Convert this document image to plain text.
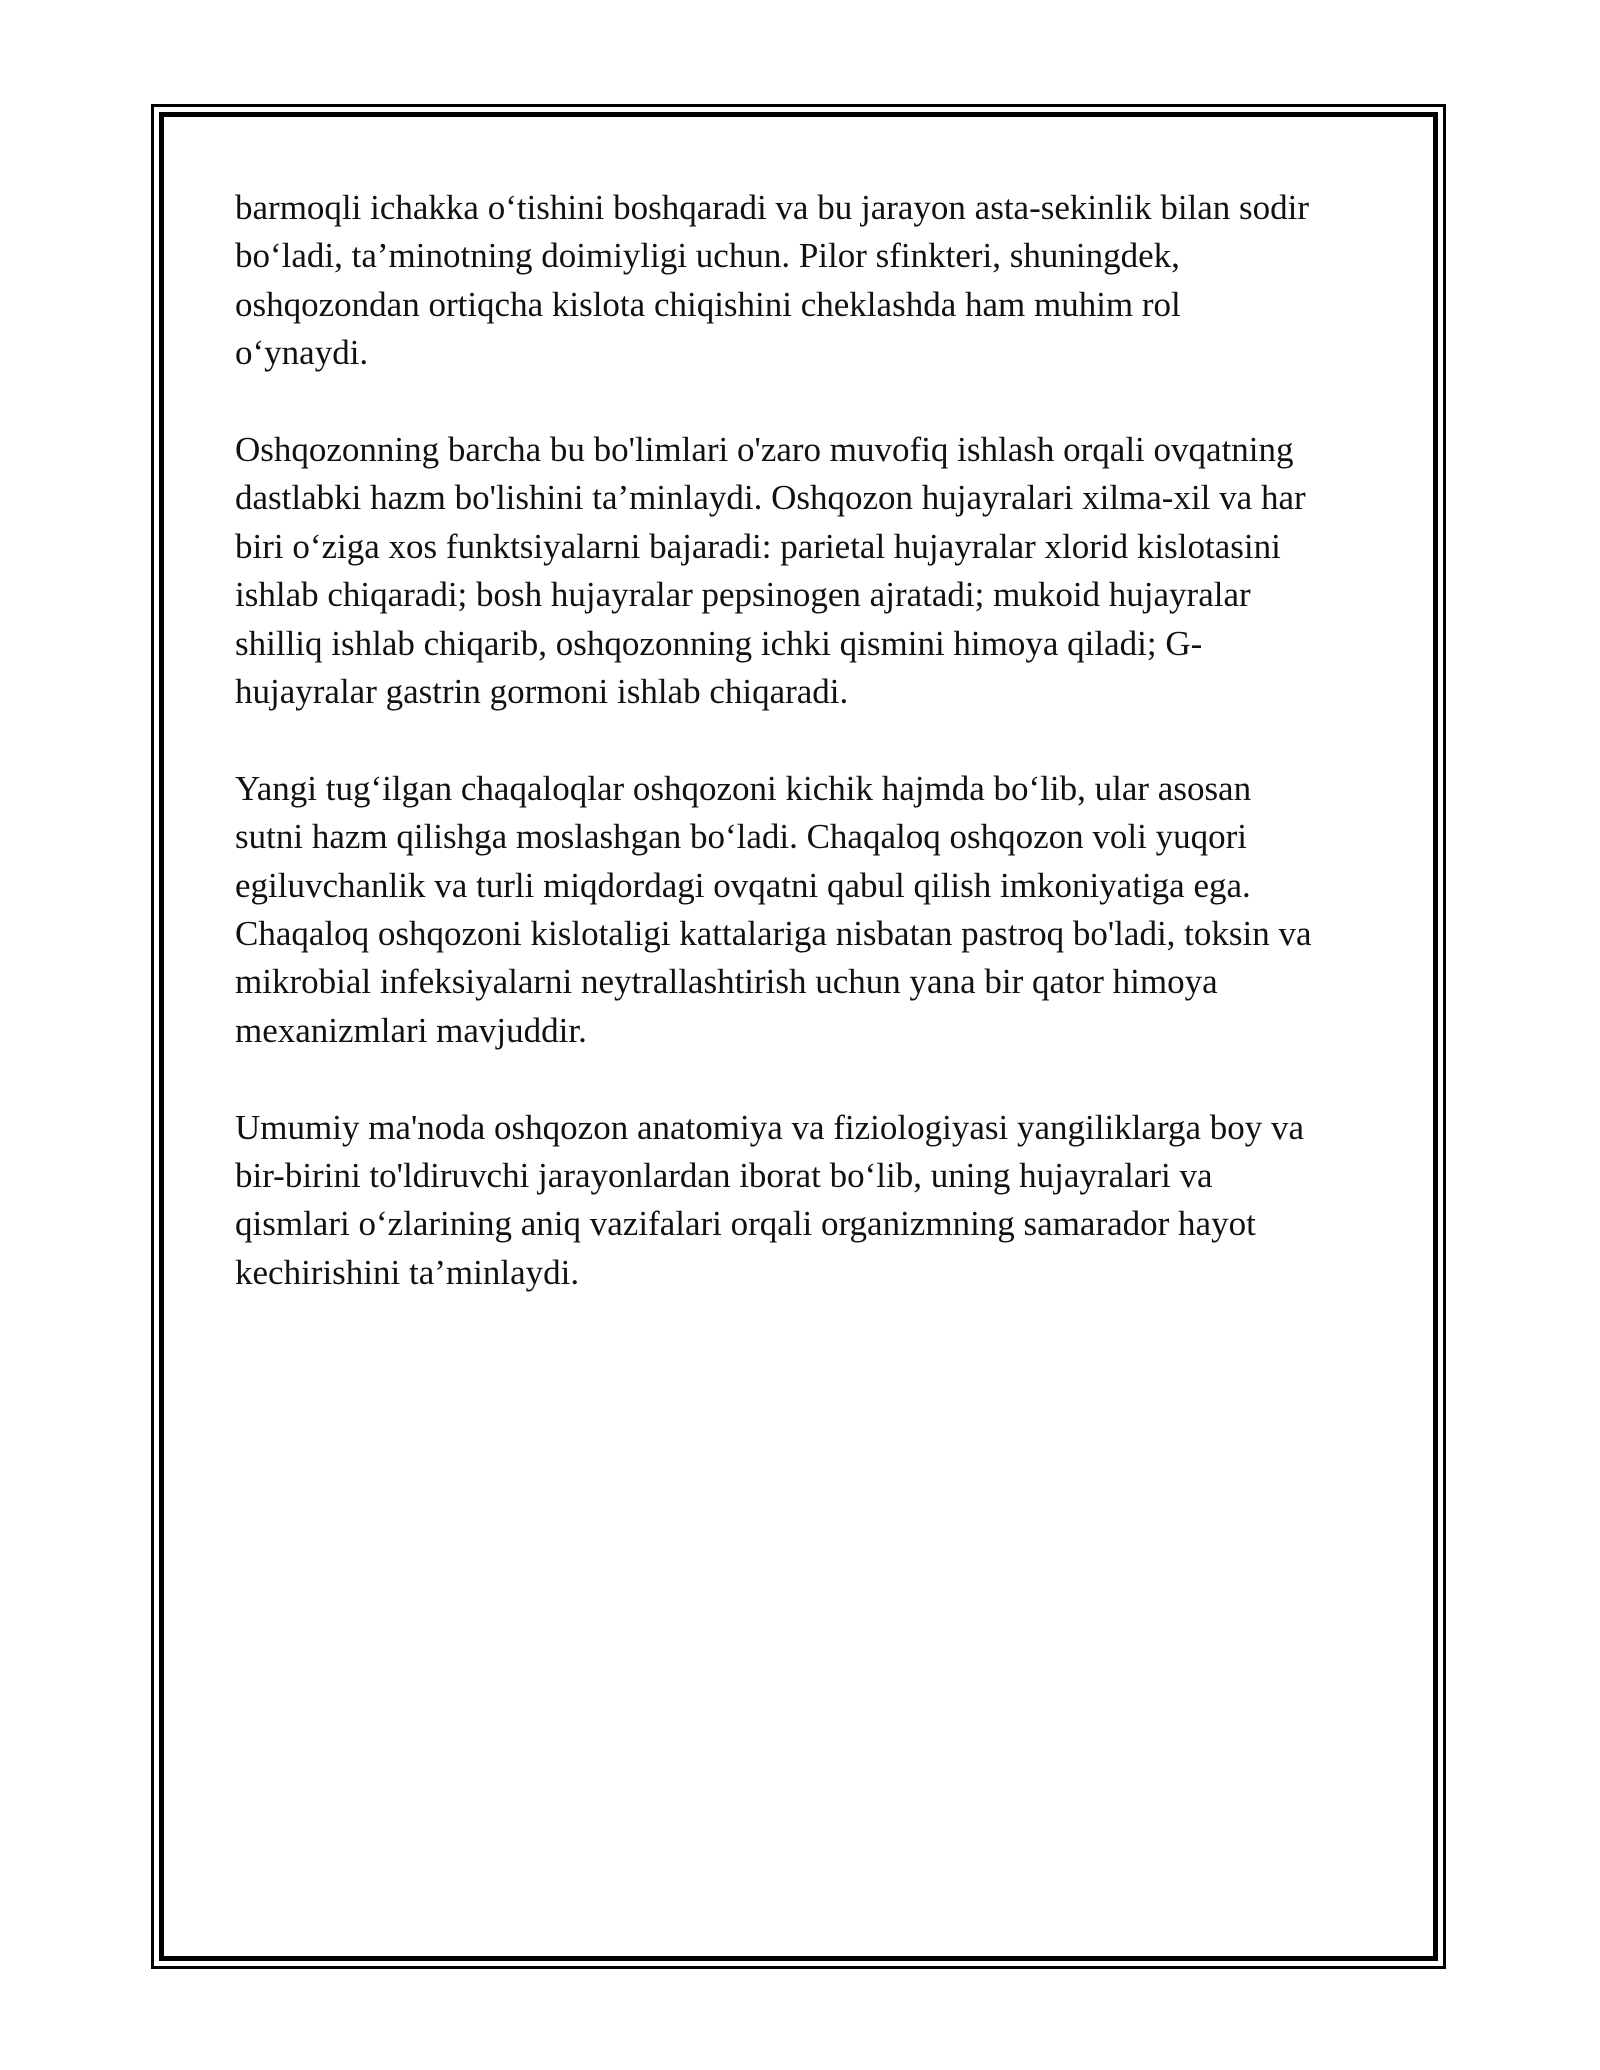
barmoqli ichakka o‘tishini boshqaradi va bu jarayon asta-sekinlik bilan sodir
bo‘ladi, ta’minotning doimiyligi uchun. Pilor sfinkteri, shuningdek,
oshqozondan ortiqcha kislota chiqishini cheklashda ham muhim rol
o‘ynaydi.

Oshqozonning barcha bu bo'limlari o'zaro muvofiq ishlash orqali ovqatning
dastlabki hazm bo'lishini ta’minlaydi. Oshqozon hujayralari xilma-xil va har
biri o‘ziga xos funktsiyalarni bajaradi: parietal hujayralar xlorid kislotasini
ishlab chiqaradi; bosh hujayralar pepsinogen ajratadi; mukoid hujayralar
shilliq ishlab chiqarib, oshqozonning ichki qismini himoya qiladi; G-
hujayralar gastrin gormoni ishlab chiqaradi.

Yangi tug‘ilgan chaqaloqlar oshqozoni kichik hajmda bo‘lib, ular asosan
sutni hazm qilishga moslashgan bo‘ladi. Chaqaloq oshqozon voli yuqori
egiluvchanlik va turli miqdordagi ovqatni qabul qilish imkoniyatiga ega.
Chaqaloq oshqozoni kislotaligi kattalariga nisbatan pastroq bo'ladi, toksin va
mikrobial infeksiyalarni neytrallashtirish uchun yana bir qator himoya
mexanizmlari mavjuddir.

Umumiy ma'noda oshqozon anatomiya va fiziologiyasi yangiliklarga boy va
bir-birini to'ldiruvchi jarayonlardan iborat bo‘lib, uning hujayralari va
qismlari o‘zlarining aniq vazifalari orqali organizmning samarador hayot
kechirishini ta’minlaydi.
